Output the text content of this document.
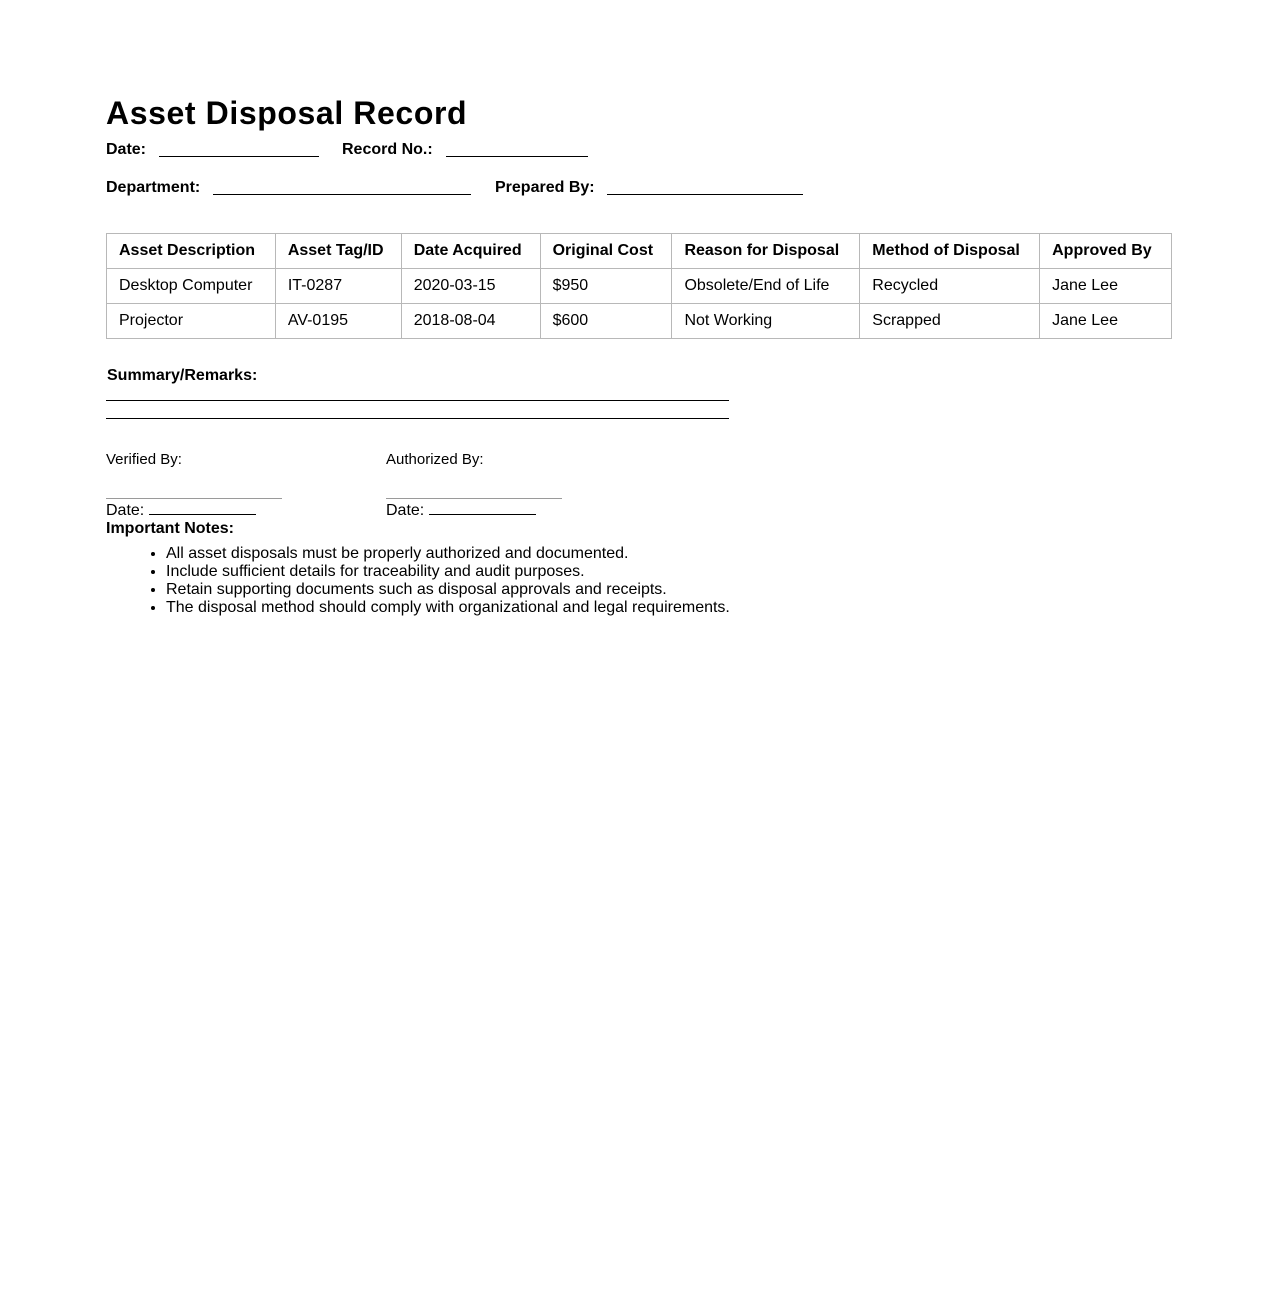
Asset Disposal Record
Date:	Record No.:
Department:	Prepared By:
Asset Description	Asset Tag/ID	Date Acquired	Original Cost	Reason for Disposal	Method of Disposal	Approved By
Desktop Computer	IT-0287	2020-03-15	$950	Obsolete/End of Life	Recycled	Jane Lee
Projector	AV-0195	2018-08-04	$600	Not Working	Scrapped	Jane Lee
Summary/Remarks:
Verified By:
Date:
Authorized By:
Date:
Important Notes:
• All asset disposals must be properly authorized and documented.
• Include sufficient details for traceability and audit purposes.
• Retain supporting documents such as disposal approvals and receipts.
• The disposal method should comply with organizational and legal requirements.
